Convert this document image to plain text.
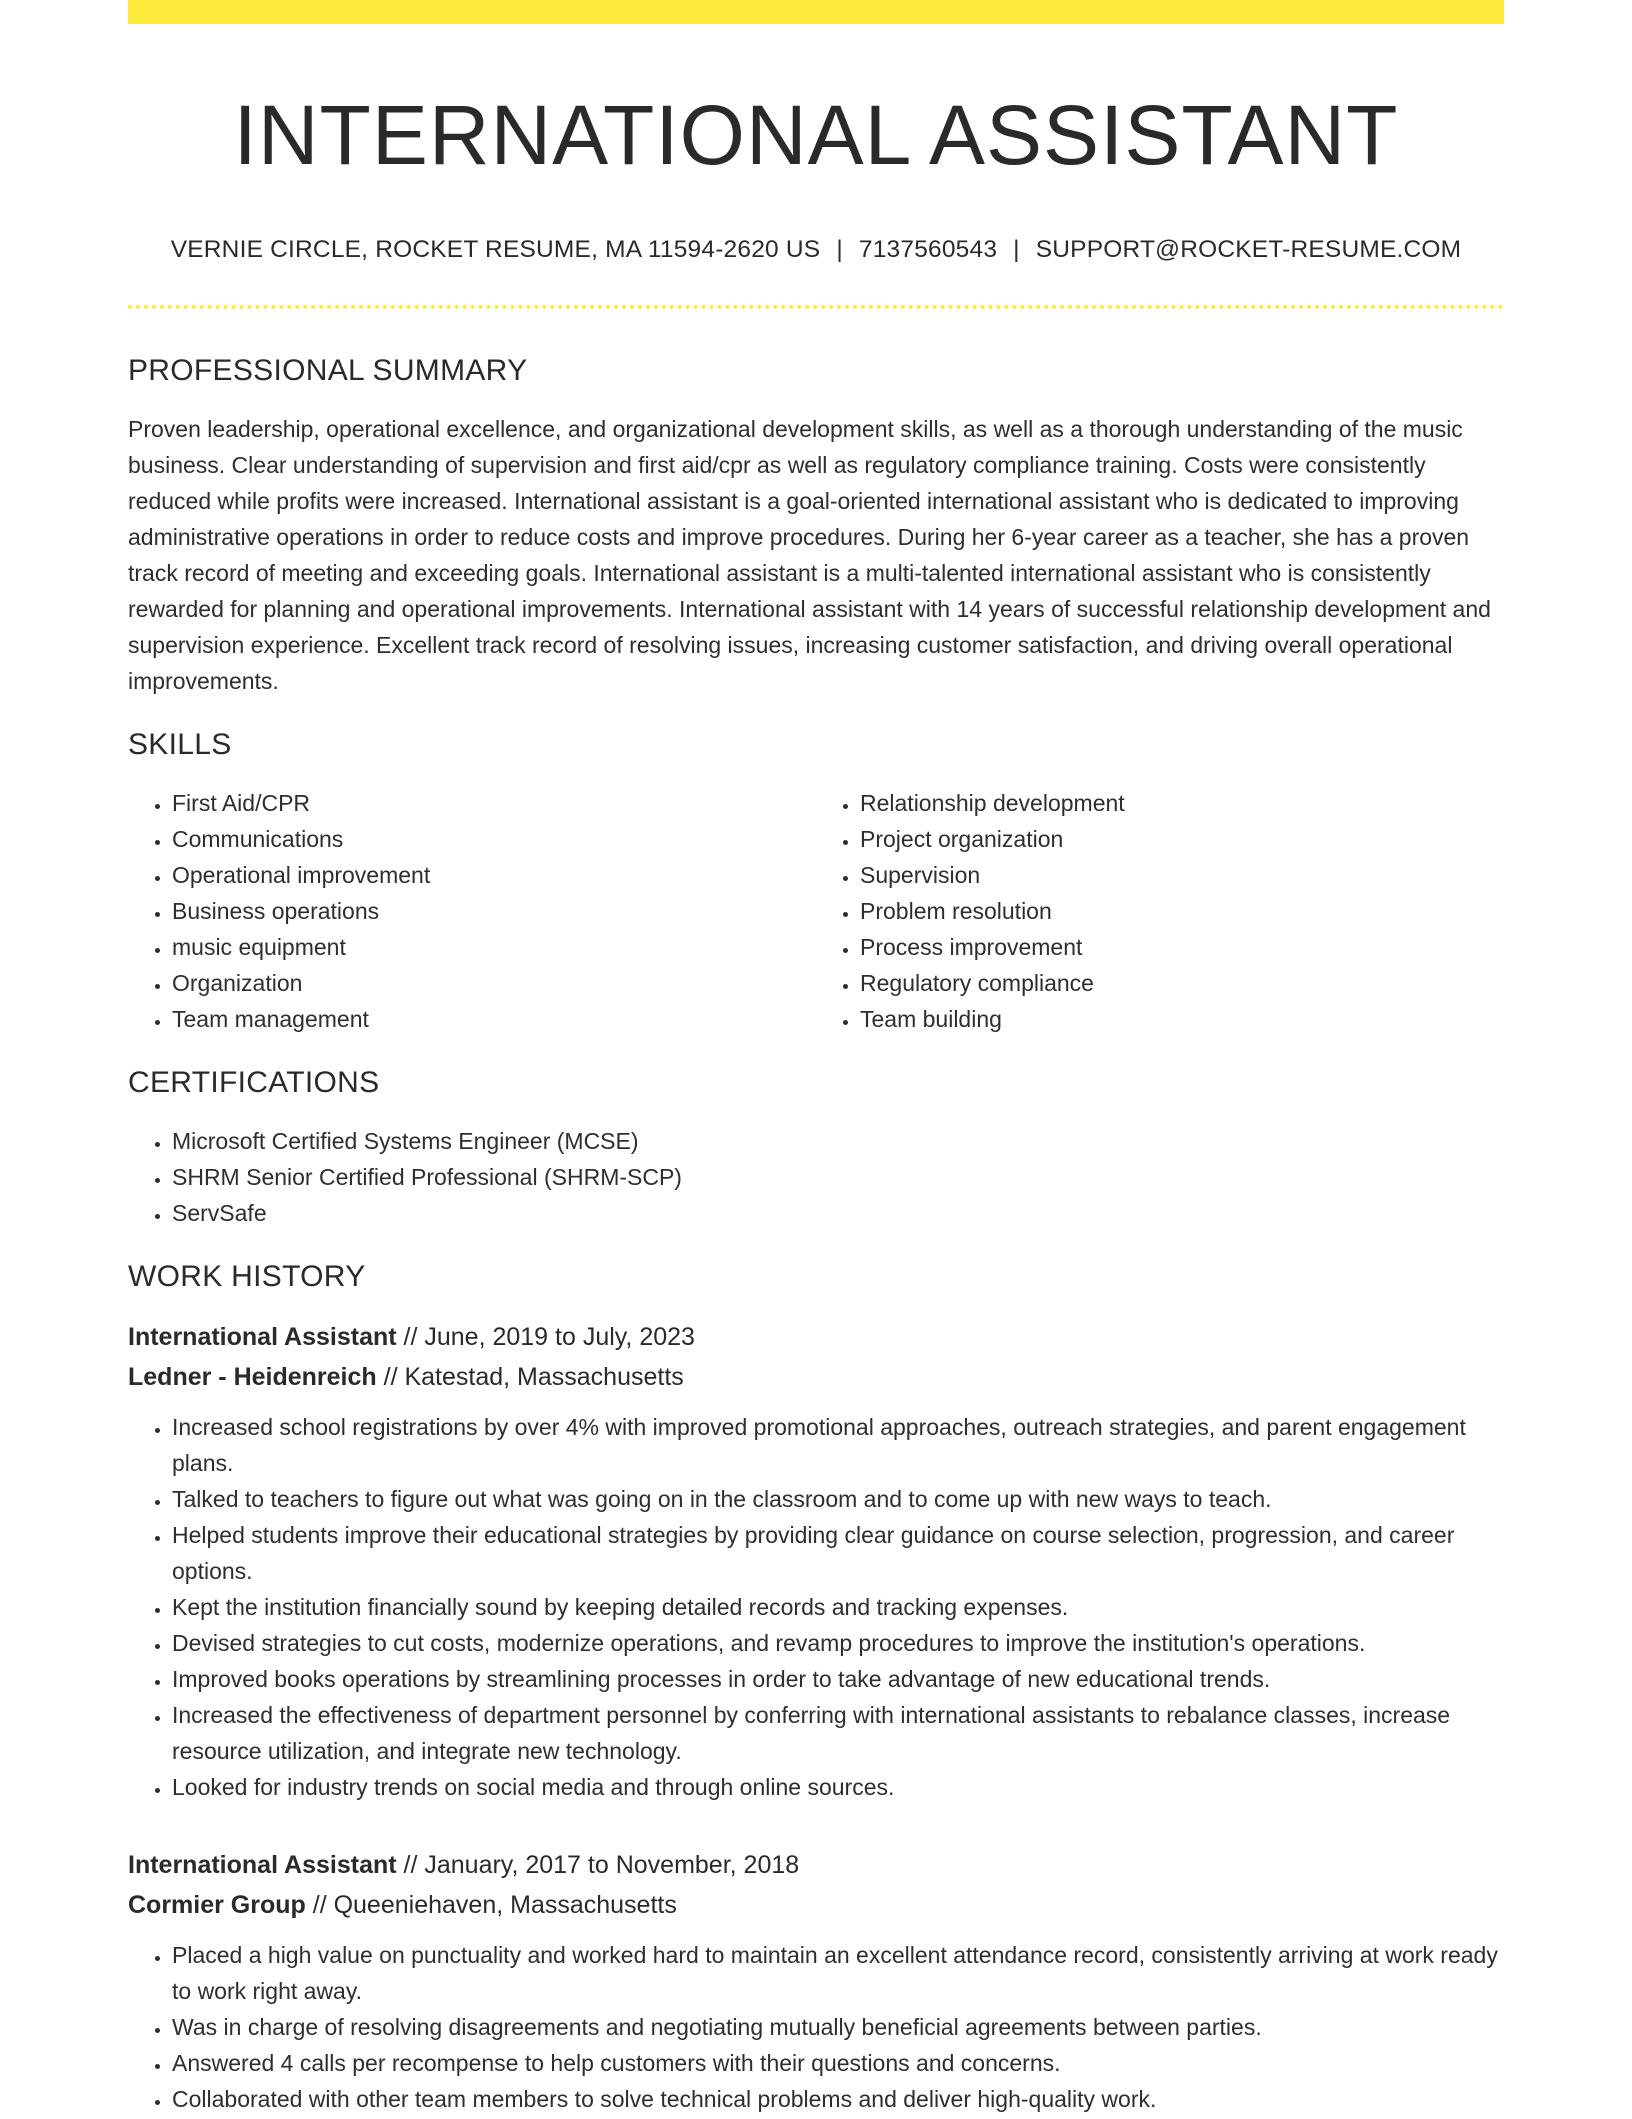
INTERNATIONAL ASSISTANT
VERNIE CIRCLE, ROCKET RESUME, MA 11594-2620 US | 7137560543 | SUPPORT@ROCKET-RESUME.COM
PROFESSIONAL SUMMARY

Proven leadership, operational excellence, and organizational development skills, as well as a thorough understanding of the music business. Clear understanding of supervision and first aid/cpr as well as regulatory compliance training. Costs were consistently reduced while profits were increased. International assistant is a goal-oriented international assistant who is dedicated to improving administrative operations in order to reduce costs and improve procedures. During her 6-year career as a teacher, she has a proven track record of meeting and exceeding goals. International assistant is a multi-talented international assistant who is consistently rewarded for planning and operational improvements. International assistant with 14 years of successful relationship development and supervision experience. Excellent track record of resolving issues, increasing customer satisfaction, and driving overall operational improvements.

SKILLS
• First Aid/CPR
• Communications
• Operational improvement
• Business operations
• music equipment
• Organization
• Team management
• Relationship development
• Project organization
• Supervision
• Problem resolution
• Process improvement
• Regulatory compliance
• Team building
CERTIFICATIONS
• Microsoft Certified Systems Engineer (MCSE)
• SHRM Senior Certified Professional (SHRM-SCP)
• ServSafe
WORK HISTORY
International Assistant // June, 2019 to July, 2023
Ledner - Heidenreich // Katestad, Massachusetts
• Increased school registrations by over 4% with improved promotional approaches, outreach strategies, and parent engagement plans.
• Talked to teachers to figure out what was going on in the classroom and to come up with new ways to teach.
• Helped students improve their educational strategies by providing clear guidance on course selection, progression, and career options.
• Kept the institution financially sound by keeping detailed records and tracking expenses.
• Devised strategies to cut costs, modernize operations, and revamp procedures to improve the institution's operations.
• Improved books operations by streamlining processes in order to take advantage of new educational trends.
• Increased the effectiveness of department personnel by conferring with international assistants to rebalance classes, increase resource utilization, and integrate new technology.
• Looked for industry trends on social media and through online sources.
International Assistant // January, 2017 to November, 2018
Cormier Group // Queeniehaven, Massachusetts
• Placed a high value on punctuality and worked hard to maintain an excellent attendance record, consistently arriving at work ready to work right away.
• Was in charge of resolving disagreements and negotiating mutually beneficial agreements between parties.
• Answered 4 calls per recompense to help customers with their questions and concerns.
• Collaborated with other team members to solve technical problems and deliver high-quality work.
